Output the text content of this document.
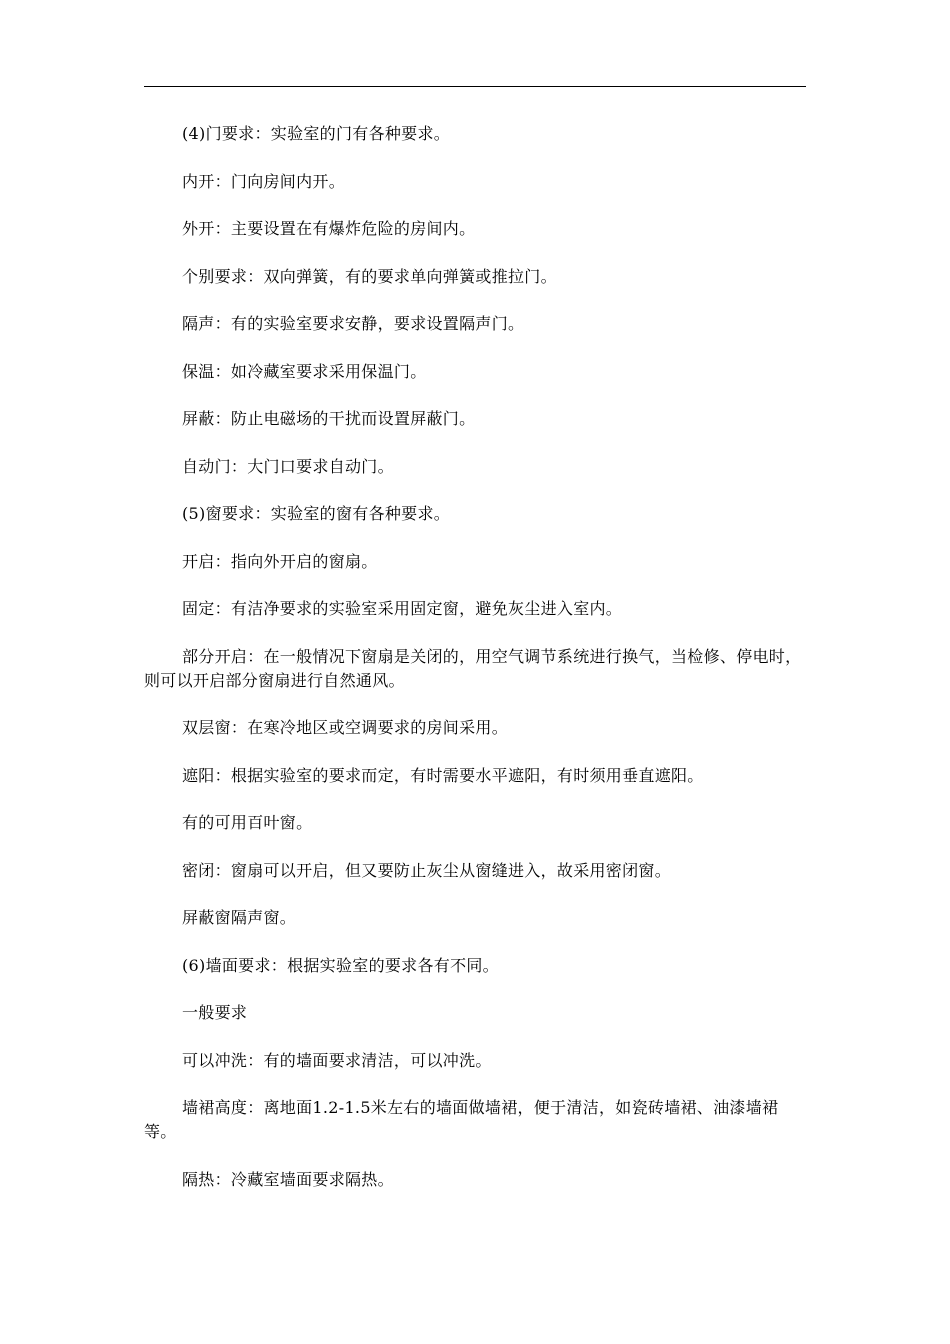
(4)门要求：实验室的门有各种要求。

内开：门向房间内开。

外开：主要设置在有爆炸危险的房间内。

个别要求：双向弹簧，有的要求单向弹簧或推拉门。

隔声：有的实验室要求安静，要求设置隔声门。

保温：如冷藏室要求采用保温门。

屏蔽：防止电磁场的干扰而设置屏蔽门。

自动门：大门口要求自动门。

(5)窗要求：实验室的窗有各种要求。

开启：指向外开启的窗扇。

固定：有洁净要求的实验室采用固定窗，避免灰尘进入室内。

部分开启：在一般情况下窗扇是关闭的，用空气调节系统进行换气，当检修、停电时，则可以开启部分窗扇进行自然通风。

双层窗：在寒冷地区或空调要求的房间采用。

遮阳：根据实验室的要求而定，有时需要水平遮阳，有时须用垂直遮阳。

有的可用百叶窗。

密闭：窗扇可以开启，但又要防止灰尘从窗缝进入，故采用密闭窗。

屏蔽窗隔声窗。

(6)墙面要求：根据实验室的要求各有不同。

一般要求

可以冲洗：有的墙面要求清洁，可以冲洗。

墙裙高度：离地面1.2-1.5米左右的墙面做墙裙，便于清洁，如瓷砖墙裙、油漆墙裙等。

隔热：冷藏室墙面要求隔热。
